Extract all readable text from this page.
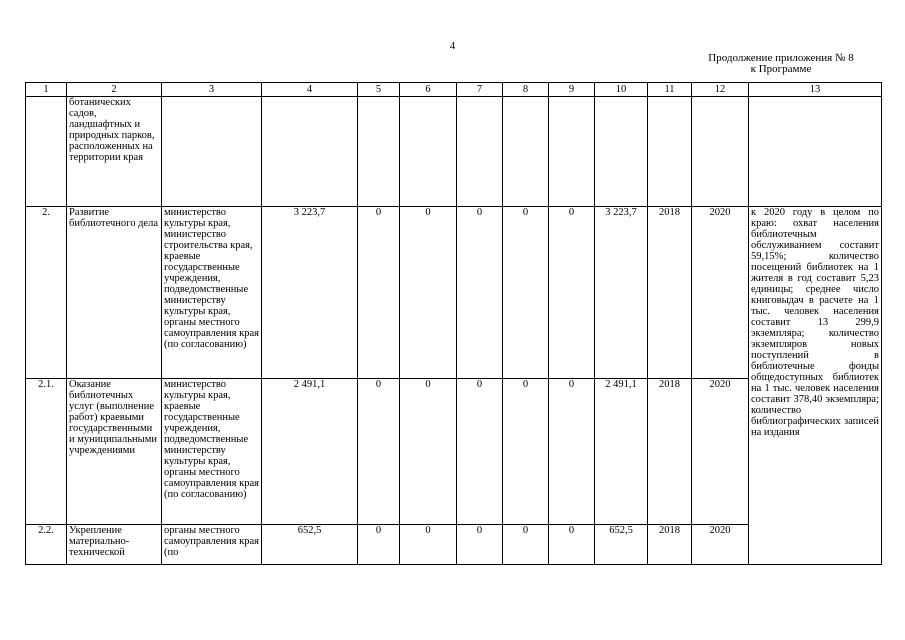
4
Продолжение приложения № 8
к Программе
1	2	3	4	5	6	7	8	9	10	11	12	13
	ботанических садов, ландшафтных и природных парков, расположенных на территории края											
2.	Развитие библиотечного дела	министерство культуры края, министерство строительства края, краевые государственные учреждения, подведомственные министерству культуры края, органы местного самоуправления края (по согласованию)	3 223,7	0	0	0	0	0	3 223,7	2018	2020	к 2020 году в целом по краю: охват населения библиотечным обслуживанием составит 59,15%; количество посещений библиотек на 1 жителя в год составит 5,23 единицы; среднее число книговыдач в расчете на 1 тыс. человек населения составит 13 299,9 экземпляра; количество экземпляров новых поступлений в библиотечные фонды общедоступных библиотек на 1 тыс. человек населения составит 378,40 экземпляра; количество библиографических записей на издания
2.1.	Оказание библиотечных услуг (выполнение работ) краевыми государственными и муниципальными учреждениями	министерство культуры края, краевые государственные учреждения, подведомственные министерству культуры края, органы местного самоуправления края (по согласованию)	2 491,1	0	0	0	0	0	2 491,1	2018	2020	
2.2.	Укрепление материально-технической	органы местного самоуправления края (по	652,5	0	0	0	0	0	652,5	2018	2020	
